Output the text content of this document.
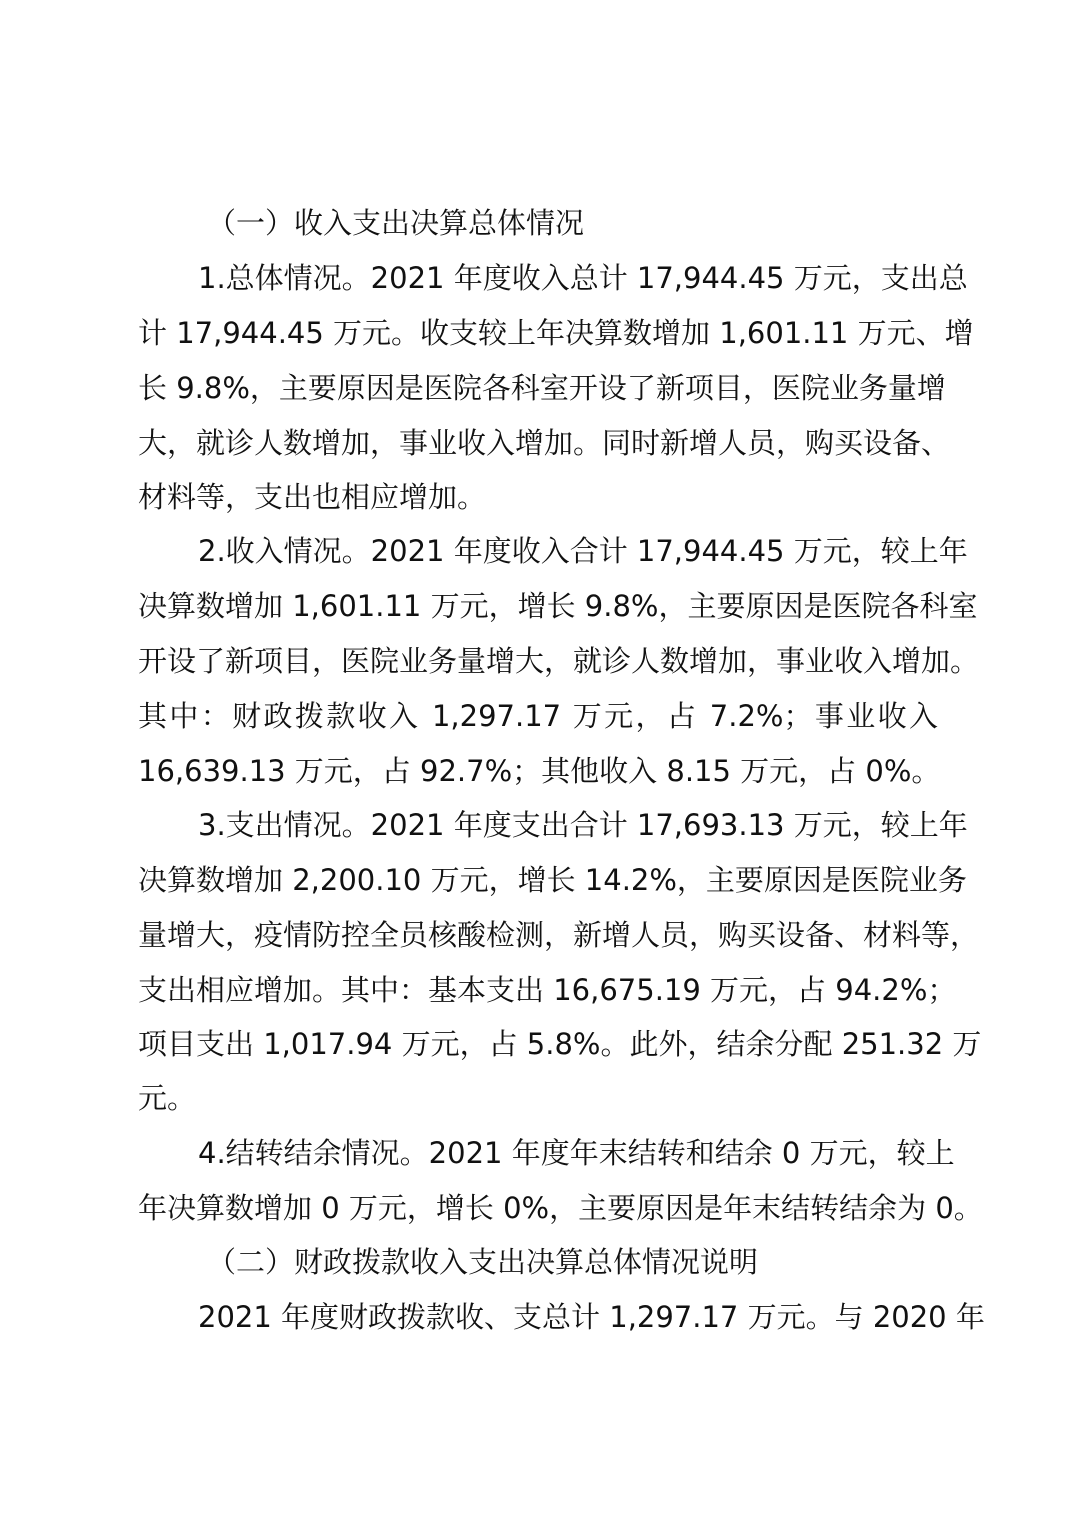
（一）收入支出决算总体情况

1.总体情况。2021 年度收入总计 17,944.45 万元，支出总

计 17,944.45 万元。收支较上年决算数增加 1,601.11 万元、增

长 9.8%，主要原因是医院各科室开设了新项目，医院业务量增

大，就诊人数增加，事业收入增加。同时新增人员，购买设备、

材料等，支出也相应增加。

2.收入情况。2021 年度收入合计 17,944.45 万元，较上年

决算数增加 1,601.11 万元，增长 9.8%，主要原因是医院各科室

开设了新项目，医院业务量增大，就诊人数增加，事业收入增加。

其中：财政拨款收入 1,297.17 万元，占 7.2%；事业收入

16,639.13 万元，占 92.7%；其他收入 8.15 万元，占 0%。

3.支出情况。2021 年度支出合计 17,693.13 万元，较上年

决算数增加 2,200.10 万元，增长 14.2%，主要原因是医院业务

量增大，疫情防控全员核酸检测，新增人员，购买设备、材料等，

支出相应增加。其中：基本支出 16,675.19 万元，占 94.2%；

项目支出 1,017.94 万元，占 5.8%。此外，结余分配 251.32 万

元。

4.结转结余情况。2021 年度年末结转和结余 0 万元，较上

年决算数增加 0 万元，增长 0%，主要原因是年末结转结余为 0。

（二）财政拨款收入支出决算总体情况说明

2021 年度财政拨款收、支总计 1,297.17 万元。与 2020 年
